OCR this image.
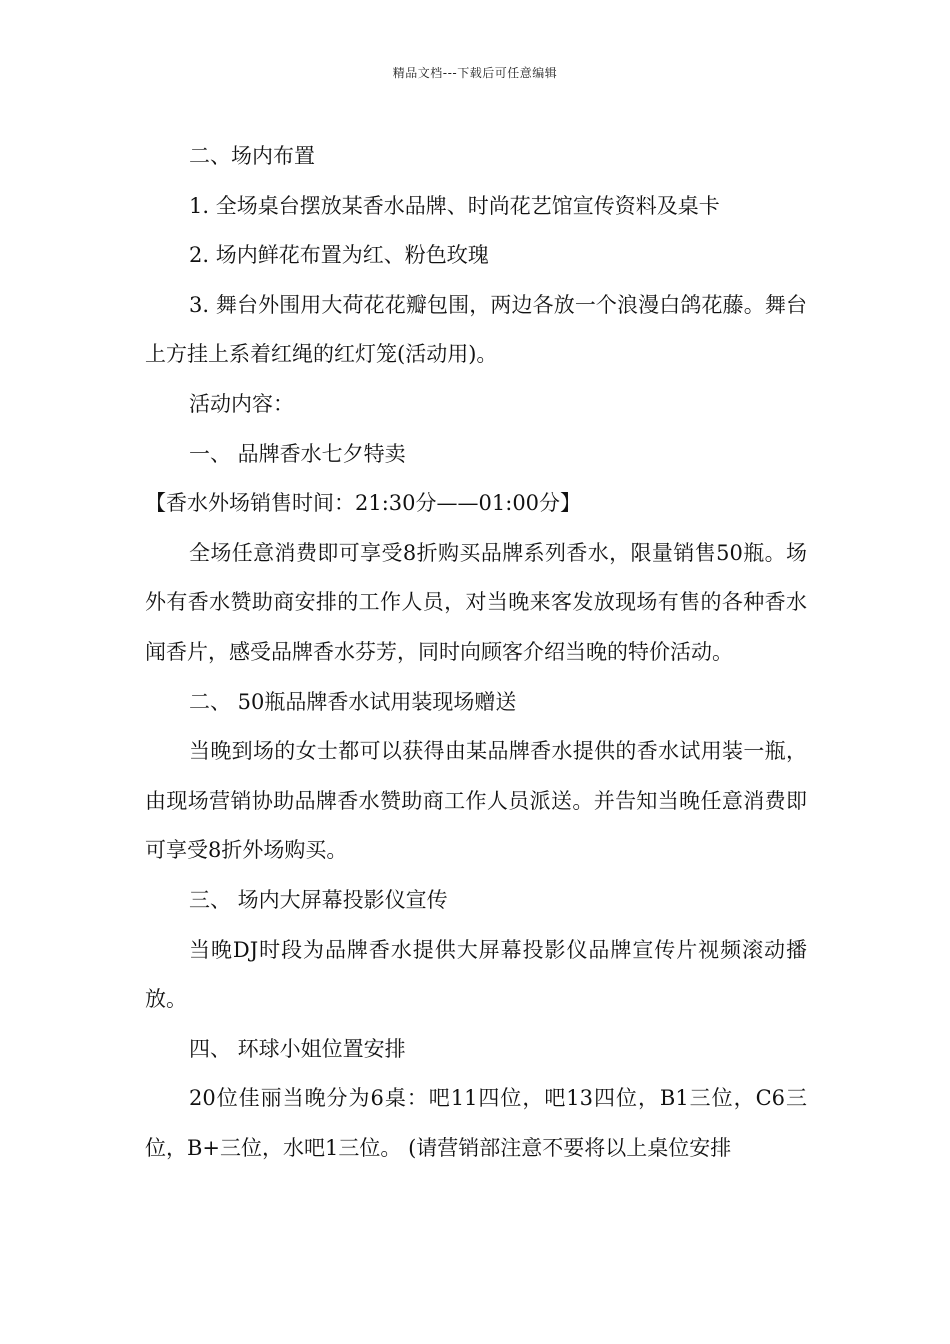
精品文档---下载后可任意编辑

二、场内布置

1. 全场桌台摆放某香水品牌、时尚花艺馆宣传资料及桌卡

2. 场内鲜花布置为红、粉色玫瑰

3. 舞台外围用大荷花花瓣包围，两边各放一个浪漫白鸽花藤。舞台上方挂上系着红绳的红灯笼(活动用)。

活动内容：

一、 品牌香水七夕特卖

【香水外场销售时间：21:30分——01:00分】

全场任意消费即可享受8折购买品牌系列香水，限量销售50瓶。场外有香水赞助商安排的工作人员，对当晚来客发放现场有售的各种香水闻香片，感受品牌香水芬芳，同时向顾客介绍当晚的特价活动。

二、 50瓶品牌香水试用装现场赠送

当晚到场的女士都可以获得由某品牌香水提供的香水试用装一瓶，由现场营销协助品牌香水赞助商工作人员派送。并告知当晚任意消费即可享受8折外场购买。

三、 场内大屏幕投影仪宣传

当晚DJ时段为品牌香水提供大屏幕投影仪品牌宣传片视频滚动播放。

四、 环球小姐位置安排

20位佳丽当晚分为6桌：吧11四位，吧13四位，B1三位，C6三位，B+三位，水吧1三位。 (请营销部注意不要将以上桌位安排
